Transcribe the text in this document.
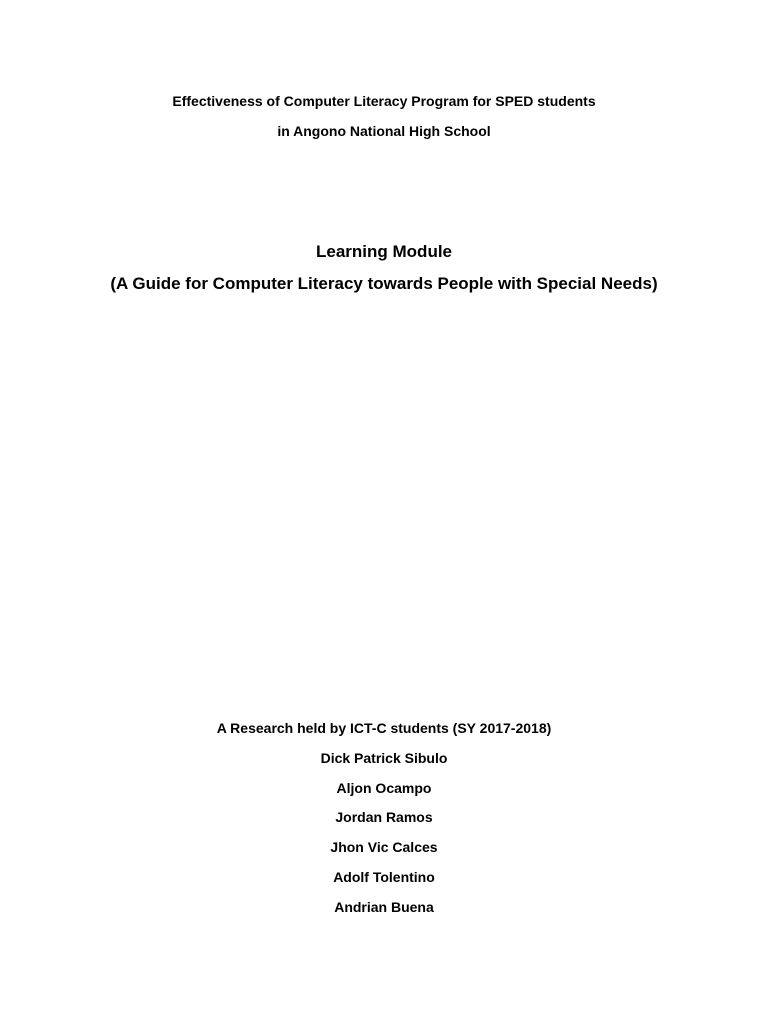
Effectiveness of Computer Literacy Program for SPED students
in Angono National High School
Learning Module
(A Guide for Computer Literacy towards People with Special Needs)
A Research held by ICT-C students (SY 2017-2018)
Dick Patrick Sibulo
Aljon Ocampo
Jordan Ramos
Jhon Vic Calces
Adolf Tolentino
Andrian Buena
